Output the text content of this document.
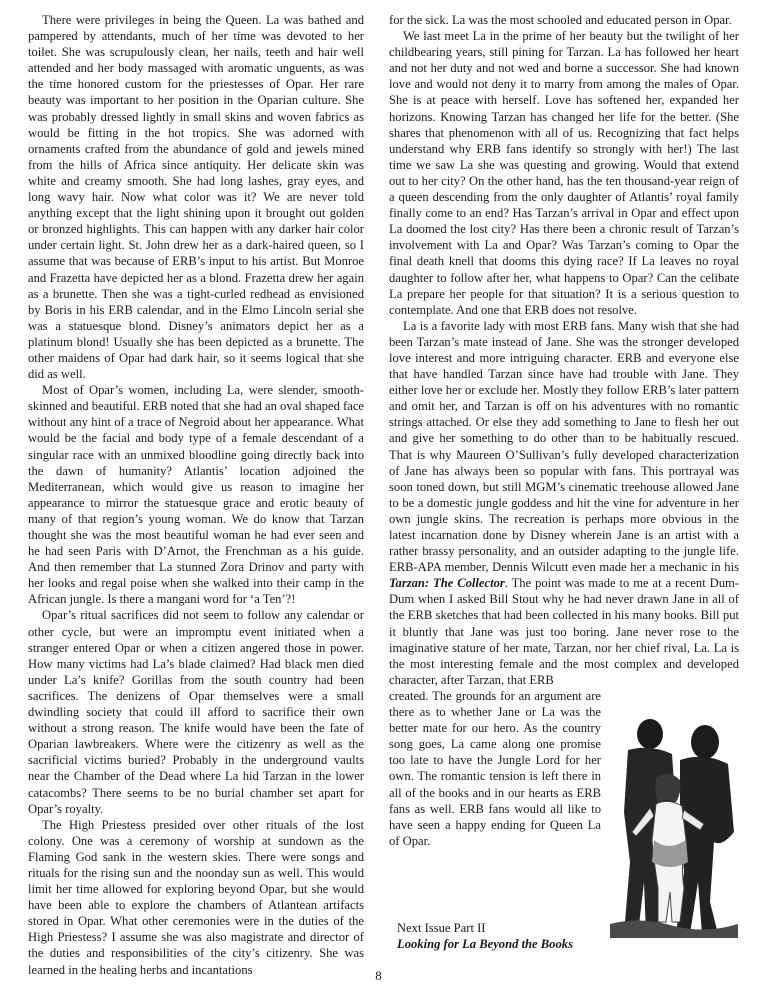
There were privileges in being the Queen. La was bathed and pampered by attendants, much of her time was devoted to her toilet. She was scrupulously clean, her nails, teeth and hair well attended and her body massaged with aromatic unguents, as was the time honored custom for the priestesses of Opar. Her rare beauty was important to her position in the Oparian culture. She was probably dressed lightly in small skins and woven fabrics as would be fitting in the hot tropics. She was adorned with ornaments crafted from the abundance of gold and jewels mined from the hills of Africa since antiquity. Her delicate skin was white and creamy smooth. She had long lashes, gray eyes, and long wavy hair. Now what color was it? We are never told anything except that the light shining upon it brought out golden or bronzed highlights. This can happen with any darker hair color under certain light. St. John drew her as a dark-haired queen, so I assume that was because of ERB’s input to his artist. But Monroe and Frazetta have depicted her as a blond. Frazetta drew her again as a brunette. Then she was a tight-curled redhead as envisioned by Boris in his ERB calendar, and in the Elmo Lincoln serial she was a statuesque blond. Disney’s animators depict her as a platinum blond! Usually she has been depicted as a brunette. The other maidens of Opar had dark hair, so it seems logical that she did as well.

Most of Opar’s women, including La, were slender, smooth-skinned and beautiful. ERB noted that she had an oval shaped face without any hint of a trace of Negroid about her appearance. What would be the facial and body type of a female descendant of a singular race with an unmixed bloodline going directly back into the dawn of humanity? Atlantis’ location adjoined the Mediterranean, which would give us reason to imagine her appearance to mirror the statuesque grace and erotic beauty of many of that region’s young woman. We do know that Tarzan thought she was the most beautiful woman he had ever seen and he had seen Paris with D’Arnot, the Frenchman as a his guide. And then remember that La stunned Zora Drinov and party with her looks and regal poise when she walked into their camp in the African jungle. Is there a mangani word for ‘a Ten’?!

Opar’s ritual sacrifices did not seem to follow any calendar or other cycle, but were an impromptu event initiated when a stranger entered Opar or when a citizen angered those in power. How many victims had La’s blade claimed? Had black men died under La’s knife? Gorillas from the south country had been sacrifices. The denizens of Opar themselves were a small dwindling society that could ill afford to sacrifice their own without a strong reason. The knife would have been the fate of Oparian lawbreakers. Where were the citizenry as well as the sacrificial victims buried? Probably in the underground vaults near the Chamber of the Dead where La hid Tarzan in the lower catacombs? There seems to be no burial chamber set apart for Opar’s royalty.

The High Priestess presided over other rituals of the lost colony. One was a ceremony of worship at sundown as the Flaming God sank in the western skies. There were songs and rituals for the rising sun and the noonday sun as well. This would limit her time allowed for exploring beyond Opar, but she would have been able to explore the chambers of Atlantean artifacts stored in Opar. What other ceremonies were in the duties of the High Priestess? I assume she was also magistrate and director of the duties and responsibilities of the city’s citizenry. She was learned in the healing herbs and incantations

for the sick. La was the most schooled and educated person in Opar.

We last meet La in the prime of her beauty but the twilight of her childbearing years, still pining for Tarzan. La has followed her heart and not her duty and not wed and borne a successor. She had known love and would not deny it to marry from among the males of Opar. She is at peace with herself. Love has softened her, expanded her horizons. Knowing Tarzan has changed her life for the better. (She shares that phenomenon with all of us. Recognizing that fact helps understand why ERB fans identify so strongly with her!) The last time we saw La she was questing and growing. Would that extend out to her city? On the other hand, has the ten thousand-year reign of a queen descending from the only daughter of Atlantis’ royal family finally come to an end? Has Tarzan’s arrival in Opar and effect upon La doomed the lost city? Has there been a chronic result of Tarzan’s involvement with La and Opar? Was Tarzan’s coming to Opar the final death knell that dooms this dying race? If La leaves no royal daughter to follow after her, what happens to Opar? Can the celibate La prepare her people for that situation? It is a serious question to contemplate. And one that ERB does not resolve.

La is a favorite lady with most ERB fans. Many wish that she had been Tarzan’s mate instead of Jane. She was the stronger developed love interest and more intriguing character. ERB and everyone else that have handled Tarzan since have had trouble with Jane. They either love her or exclude her. Mostly they follow ERB’s later pattern and omit her, and Tarzan is off on his adventures with no romantic strings attached. Or else they add something to Jane to flesh her out and give her something to do other than to be habitually rescued. That is why Maureen O’Sullivan’s fully developed characterization of Jane has always been so popular with fans. This portrayal was soon toned down, but still MGM’s cinematic treehouse allowed Jane to be a domestic jungle goddess and hit the vine for adventure in her own jungle skins. The recreation is perhaps more obvious in the latest incarnation done by Disney wherein Jane is an artist with a rather brassy personality, and an outsider adapting to the jungle life. ERB-APA member, Dennis Wilcutt even made her a mechanic in his Tarzan: The Collector. The point was made to me at a recent Dum-Dum when I asked Bill Stout why he had never drawn Jane in all of the ERB sketches that had been collected in his many books. Bill put it bluntly that Jane was just too boring. Jane never rose to the imaginative stature of her mate, Tarzan, nor her chief rival, La. La is the most interesting female and the most complex and developed character, after Tarzan, that ERB

created. The grounds for an argument are there as to whether Jane or La was the better mate for our hero. As the country song goes, La came along one promise too late to have the Jungle Lord for her own. The romantic tension is left there in all of the books and in our hearts as ERB fans as well. ERB fans would all like to have seen a happy ending for Queen La of Opar.

Next Issue Part II
Looking for La Beyond the Books
8
